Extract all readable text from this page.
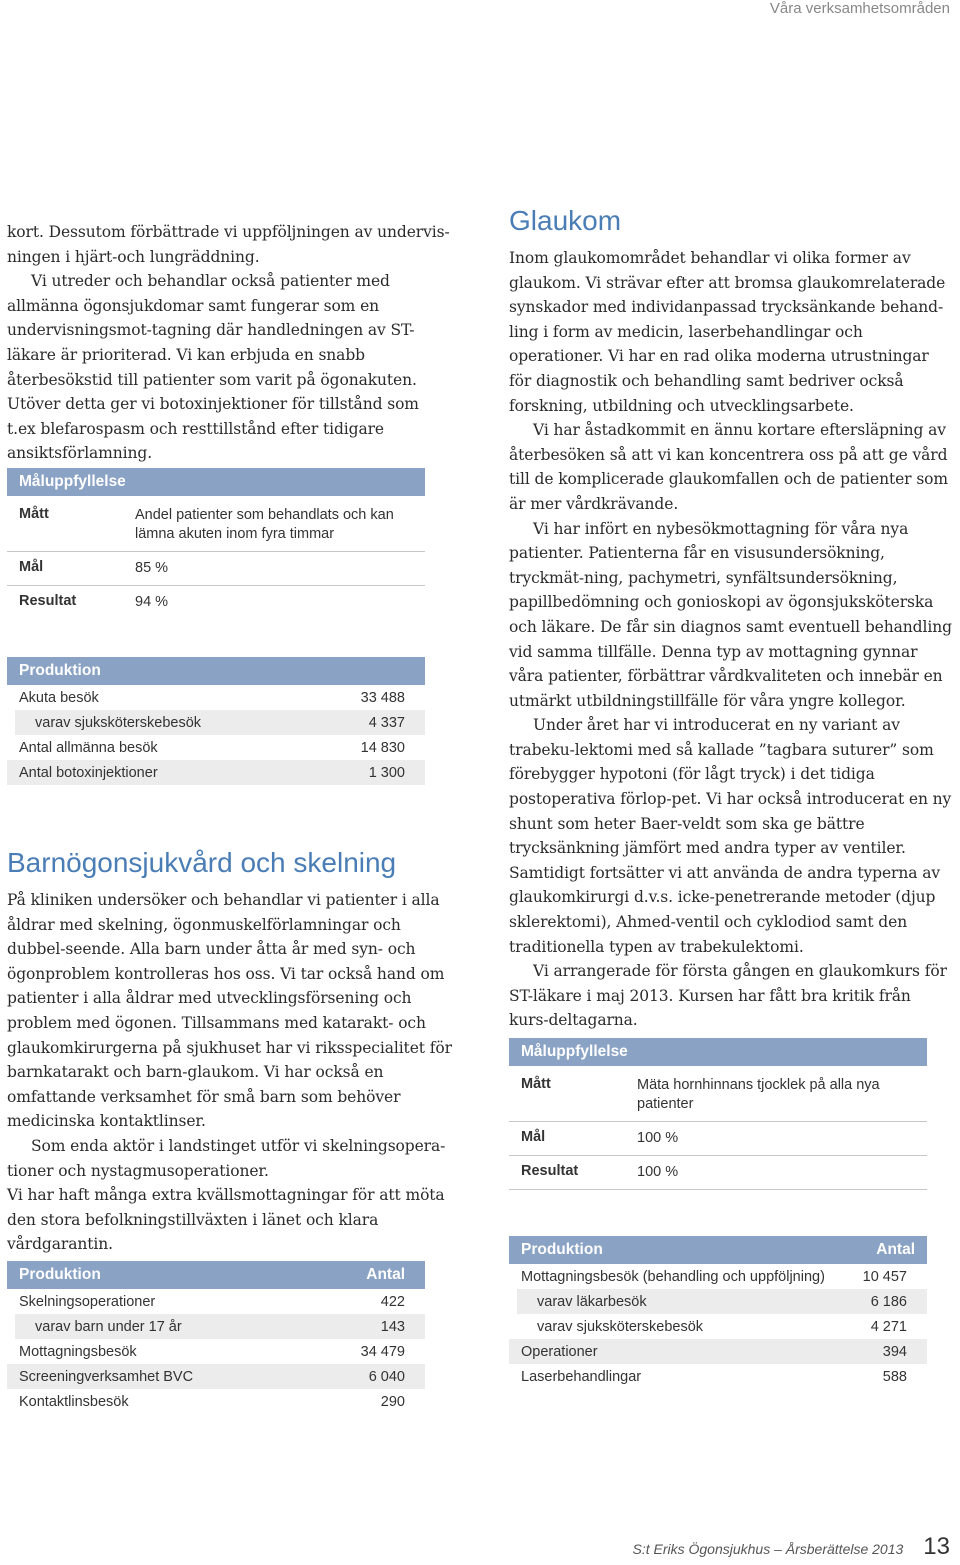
Våra verksamhetsområden

kort. Dessutom förbättrade vi uppföljningen av undervis-ningen i hjärt-och lungräddning.

Vi utreder och behandlar också patienter med allmänna ögonsjukdomar samt fungerar som en undervisningsmot-tagning där handledningen av ST-läkare är prioriterad. Vi kan erbjuda en snabb återbesökstid till patienter som varit på ögonakuten. Utöver detta ger vi botoxinjektioner för tillstånd som t.ex blefarospasm och resttillstånd efter tidigare ansiktsförlamning.

Måluppfyllelse
Mått	Andel patienter som behandlats och kan lämna akuten inom fyra timmar
Mål	85 %
Resultat	94 %
Produktion
Akuta besök	33 488
varav sjuksköterskebesök	4 337
Antal allmänna besök	14 830
Antal botoxinjektioner	1 300
Barnögonsjukvård och skelning

På kliniken undersöker och behandlar vi patienter i alla åldrar med skelning, ögonmuskelförlamningar och dubbel-seende. Alla barn under åtta år med syn- och ögonproblem kontrolleras hos oss. Vi tar också hand om patienter i alla åldrar med utvecklingsförsening och problem med ögonen. Tillsammans med katarakt- och glaukomkirurgerna på sjukhuset har vi riksspecialitet för barnkatarakt och barn-glaukom. Vi har också en omfattande verksamhet för små barn som behöver medicinska kontaktlinser.

Som enda aktör i landstinget utför vi skelningsopera-tioner och nystagmusoperationer.

Vi har haft många extra kvällsmottagningar för att möta den stora befolkningstillväxten i länet och klara vårdgarantin.

Produktion	Antal
Skelningsoperationer	422
varav barn under 17 år	143
Mottagningsbesök	34 479
Screeningverksamhet BVC	6 040
Kontaktlinsbesök	290
Glaukom

Inom glaukomområdet behandlar vi olika former av glaukom. Vi strävar efter att bromsa glaukomrelaterade synskador med individanpassad trycksänkande behand-ling i form av medicin, laserbehandlingar och operationer. Vi har en rad olika moderna utrustningar för diagnostik och behandling samt bedriver också forskning, utbildning och utvecklingsarbete.

Vi har åstadkommit en ännu kortare eftersläpning av återbesöken så att vi kan koncentrera oss på att ge vård till de komplicerade glaukomfallen och de patienter som är mer vårdkrävande.

Vi har infört en nybesökmottagning för våra nya patienter. Patienterna får en visusundersökning, tryckmät-ning, pachymetri, synfältsundersökning, papillbedömning och gonioskopi av ögonsjuksköterska och läkare. De får sin diagnos samt eventuell behandling vid samma tillfälle. Denna typ av mottagning gynnar våra patienter, förbättrar vårdkvaliteten och innebär en utmärkt utbildningstillfälle för våra yngre kollegor.

Under året har vi introducerat en ny variant av trabeku-lektomi med så kallade ”tagbara suturer” som förebygger hypotoni (för lågt tryck) i det tidiga postoperativa förlop-pet. Vi har också introducerat en ny shunt som heter Baer-veldt som ska ge bättre trycksänkning jämfört med andra typer av ventiler. Samtidigt fortsätter vi att använda de andra typerna av glaukomkirurgi d.v.s. icke-penetrerande metoder (djup sklerektomi), Ahmed-ventil och cyklodiod samt den traditionella typen av trabekulektomi.

Vi arrangerade för första gången en glaukomkurs för ST-läkare i maj 2013. Kursen har fått bra kritik från kurs-deltagarna.

Måluppfyllelse
Mått	Mäta hornhinnans tjocklek på alla nya patienter
Mål	100 %
Resultat	100 %
Produktion	Antal
Mottagningsbesök (behandling och uppföljning)	10 457
varav läkarbesök	6 186
varav sjuksköterskebesök	4 271
Operationer	394
Laserbehandlingar	588
S:t Eriks Ögonsjukhus – Årsberättelse 2013 13
